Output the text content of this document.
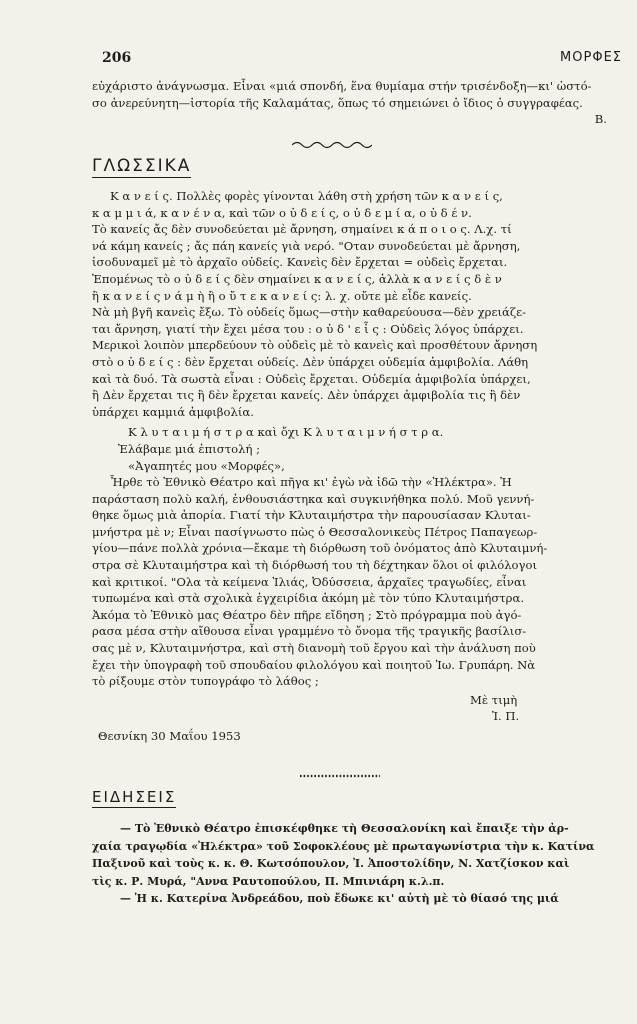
206	ΜΟΡΦΕΣ

εὐχάριστο ἀνάγνωσμα. Εἶναι «μιά σπονδή, ἕνα θυμίαμα στήν τρισένδοξη—κι' ὡστό-

σο ἀνερεύνητη—ἱστορία τῆς Καλαμάτας, ὅπως τό σημειώνει ὁ ἴδιος ὁ συγγραφέας.

Β.
ΓΛΩΣΣΙΚΑ

Κ α ν ε ί ς. Πολλὲς φορὲς γίνονται λάθη στὴ χρήση τῶν κ α ν ε ί ς,

κ α μ μ ι ά, κ α ν έ ν α, καὶ τῶν ο ὐ δ ε ί ς, ο ὐ δ ε μ ί α, ο ὐ δ έ ν.

Τὸ κανείς ἄς δὲν συνοδεύεται μὲ ἄρνηση, σημαίνει κ ά π ο ι ο ς. Λ.χ. τί

νά κάμη κανείς ; ἄς πάη κανείς γιὰ νερό. "Οταν συνοδεύεται μὲ ἄρνηση,

ἰσοδυναμεῖ μὲ τὸ ἀρχαῖο οὐδείς. Κανεὶς δὲν ἔρχεται = οὐδεὶς ἔρχεται.

Ἐπομένως τὸ ο ὐ δ ε ί ς δὲν σημαίνει κ α ν ε ί ς, ἀλλὰ κ α ν ε ί ς δ ὲ ν

ἢ κ α ν ε ί ς ν ά μ ὴ ἢ ο ὔ τ ε κ α ν ε ί ς: λ. χ. οὔτε μὲ εἶδε κανείς.

Νὰ μὴ βγῆ κανεὶς ἔξω. Τὸ οὐδείς ὅμως—στὴν καθαρεύουσα—δὲν χρειάζε-

ται ἄρνηση, γιατί τὴν ἔχει μέσα του : ο ὐ δ ' ε ἷ ς : Οὐδεὶς λόγος ὑπάρχει.

Μερικοὶ λοιπὸν μπερδεύουν τὸ οὐδεὶς μὲ τὸ κανεὶς καὶ προσθέτουν ἄρνηση

στὸ ο ὐ δ ε ί ς : δὲν ἔρχεται οὐδείς. Δὲν ὑπάρχει οὐδεμία ἀμφιβολία. Λάθη

καὶ τὰ δυό. Τὰ σωστὰ εἶναι : Οὐδεὶς ἔρχεται. Οὐδεμία ἀμφιβολία ὑπάρχει,

ἢ Δὲν ἔρχεται τις ἢ δὲν ἔρχεται κανείς. Δὲν ὑπάρχει ἀμφιβολία τις ἢ δὲν

ὑπάρχει καμμιά ἀμφιβολία.

Κ λ υ τ α ι μ ή σ τ ρ α καὶ ὄχι Κ λ υ τ α ι μ ν ή σ τ ρ α.

Ἐλάβαμε μιά ἐπιστολή ;

«Ἀγαπητές μου «Μορφές»,

Ἦρθε τὸ Ἐθνικὸ Θέατρο καὶ πῆγα κι' ἐγὼ νὰ ἰδῶ τὴν «Ἠλέκτρα». Ἡ

παράσταση πολὺ καλή, ἐνθουσιάστηκα καὶ συγκινήθηκα πολύ. Μοῦ γεννή-

θηκε ὅμως μιὰ ἀπορία. Γιατί τὴν Κλυταιμήστρα τὴν παρουσίασαν Κλυται-

μνήστρα μὲ ν; Εἶναι πασίγνωστο πὼς ὁ Θεσσαλονικεὺς Πέτρος Παπαγεωρ-

γίου—πάνε πολλὰ χρόνια—ἔκαμε τὴ διόρθωση τοῦ ὀνόματος ἀπὸ Κλυταιμνή-

στρα σὲ Κλυταιμήστρα καὶ τὴ διόρθωσή του τὴ δέχτηκαν ὅλοι οἱ φιλόλογοι

καὶ κριτικοί. "Ολα τὰ κείμενα Ἰλιάς, Ὀδύσσεια, ἀρχαῖες τραγωδίες, εἶναι

τυπωμένα καὶ στὰ σχολικὰ ἐγχειρίδια ἀκόμη μὲ τὸν τύπο Κλυταιμήστρα.

Ἀκόμα τὸ Ἐθνικὸ μας Θέατρο δὲν πῆρε εἴδηση ; Στὸ πρόγραμμα ποὺ ἀγό-

ρασα μέσα στὴν αἴθουσα εἶναι γραμμένο τὸ ὄνομα τῆς τραγικῆς βασίλισ-

σας μὲ ν, Κλυταιμνήστρα, καὶ στὴ διανομὴ τοῦ ἔργου καὶ τὴν ἀνάλυση ποὺ

ἔχει τὴν ὑπογραφὴ τοῦ σπουδαίου φιλολόγου καὶ ποιητοῦ Ἰω. Γρυπάρη. Νὰ

τὸ ρίξουμε στὸν τυπογράφο τὸ λάθος ;

Μὲ τιμὴ
Ἰ. Π.

Θεσνίκη 30 Μαΐου 1953

ΕΙΔΗΣΕΙΣ

— Τὸ Ἐθνικὸ Θέατρο ἐπισκέφθηκε τὴ Θεσσαλονίκη καὶ ἔπαιξε τὴν ἀρ-

χαία τραγῳδία «Ἠλέκτρα» τοῦ Σοφοκλέους μὲ πρωταγωνίστρια τὴν κ. Κατίνα

Παξινοῦ καὶ τοὺς κ. κ. Θ. Κωτσόπουλον, Ἰ. Ἀποστολίδην, Ν. Χατζίσκον καὶ

τὶς κ. Ρ. Μυρά, "Αννα Ραυτοπούλου, Π. Μπινιάρη κ.λ.π.

— Ἡ κ. Κατερίνα Ἀνδρεάδου, ποὺ ἔδωκε κι' αὐτὴ μὲ τὸ θίασό της μιά
